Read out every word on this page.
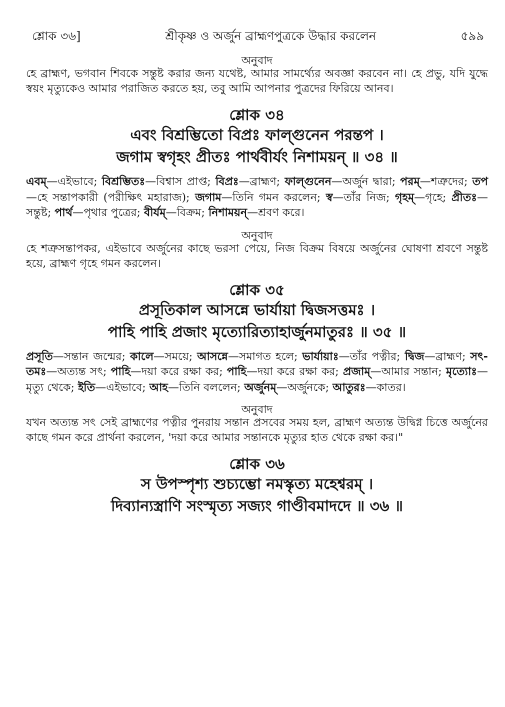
শ্লোক ৩৬]	শ্রীকৃষ্ণ ও অর্জুন ব্রাহ্মণপুত্রকে উদ্ধার করলেন	৫৯৯
অনুবাদ

হে ব্রাহ্মণ, ভগবান শিবকে সন্তুষ্ট করার জন্য যথেষ্ট, আমার সামর্থ্যের অবজ্ঞা করবেন না। হে প্রভু, যদি যুদ্ধে স্বয়ং মৃত্যুকেও আমার পরাজিত করতে হয়, তবু আমি আপনার পুত্রদের ফিরিয়ে আনব।

শ্লোক ৩৪
এবং বিশ্রম্ভিতো বিপ্রঃ ফাল্গুনেন পরন্তপ ।
জগাম স্বগৃহং প্রীতঃ পার্থবীর্যং নিশাময়ন্ ॥ ৩৪ ॥

এবম্—এইভাবে; বিশ্রম্ভিতঃ—বিশ্বাস প্রাপ্ত; বিপ্রঃ—ব্রাহ্মণ; ফাল্গুনেন—অর্জুন দ্বারা; পরম্—শত্রুদের; তপ—হে সন্তাপকারী (পরীক্ষিৎ মহারাজ); জগাম—তিনি গমন করলেন; স্ব—তাঁর নিজ; গৃহম্—গৃহে; প্রীতঃ—সন্তুষ্ট; পার্থ—পৃথার পুত্রের; বীর্যম্—বিক্রম; নিশাময়ন্—শ্রবণ করে।

অনুবাদ

হে শত্রুসন্তাপকর, এইভাবে অর্জুনের কাছে ভরসা পেয়ে, নিজ বিক্রম বিষয়ে অর্জুনের ঘোষণা শ্রবণে সন্তুষ্ট হয়ে, ব্রাহ্মণ গৃহে গমন করলেন।

শ্লোক ৩৫
প্রসূতিকাল আসন্নে ভার্যায়া দ্বিজসত্তমঃ ।
পাহি পাহি প্রজাং মৃত্যোরিত্যাহার্জুনমাতুরঃ ॥ ৩৫ ॥

প্রসূতি—সন্তান জন্মের; কালে—সময়ে; আসন্নে—সমাগত হলে; ভার্যায়াঃ—তাঁর পত্নীর; দ্বিজ—ব্রাহ্মণ; সৎ-তমঃ—অত্যন্ত সৎ; পাহি—দয়া করে রক্ষা কর; পাহি—দয়া করে রক্ষা কর; প্রজাম্—আমার সন্তান; মৃত্যোঃ—মৃত্যু থেকে; ইতি—এইভাবে; আহ—তিনি বললেন; অর্জুনম্—অর্জুনকে; আতুরঃ—কাতর।

অনুবাদ

যখন অত্যন্ত সৎ সেই ব্রাহ্মণের পত্নীর পুনরায় সন্তান প্রসবের সময় হল, ব্রাহ্মণ অত্যন্ত উদ্বিগ্ন চিত্তে অর্জুনের কাছে গমন করে প্রার্থনা করলেন, 'দয়া করে আমার সন্তানকে মৃত্যুর হাত থেকে রক্ষা কর।"

শ্লোক ৩৬
স উপস্পৃশ্য শুচ্যম্ভো নমস্কৃত্য মহেশ্বরম্ ।
দিব্যান্যস্ত্রাণি সংস্মৃত্য সজ্যং গাণ্ডীবমাদদে ॥ ৩৬ ॥
